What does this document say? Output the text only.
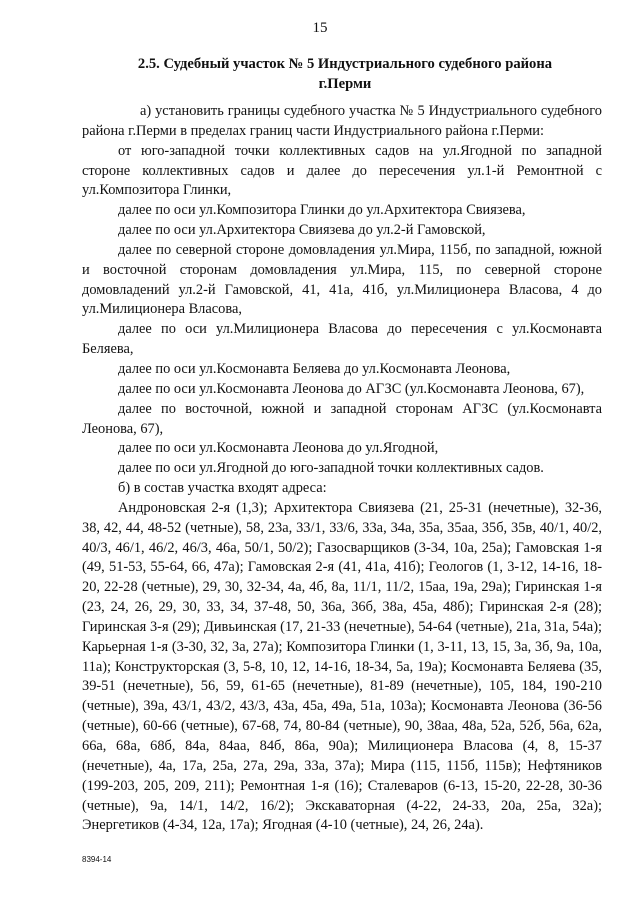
15
2.5. Судебный участок № 5 Индустриального судебного района
г.Перми

а) установить границы судебного участка № 5 Индустриального судебного района г.Перми в пределах границ части Индустриального района г.Перми:

от юго-западной точки коллективных садов на ул.Ягодной по западной стороне коллективных садов и далее до пересечения ул.1-й Ремонтной с ул.Композитора Глинки,

далее по оси ул.Композитора Глинки до ул.Архитектора Свиязева,

далее по оси ул.Архитектора Свиязева до ул.2-й Гамовской,

далее по северной стороне домовладения ул.Мира, 115б, по западной, южной и восточной сторонам домовладения ул.Мира, 115, по северной стороне домовладений ул.2-й Гамовской, 41, 41а, 41б, ул.Милиционера Власова, 4 до ул.Милиционера Власова,

далее по оси ул.Милиционера Власова до пересечения с ул.Космонавта Беляева,

далее по оси ул.Космонавта Беляева до ул.Космонавта Леонова,

далее по оси ул.Космонавта Леонова до АГЗС (ул.Космонавта Леонова, 67),

далее по восточной, южной и западной сторонам АГЗС (ул.Космонавта Леонова, 67),

далее по оси ул.Космонавта Леонова до ул.Ягодной,

далее по оси ул.Ягодной до юго-западной точки коллективных садов.

б) в состав участка входят адреса:

Андроновская 2-я (1,3); Архитектора Свиязева (21, 25-31 (нечетные), 32-36, 38, 42, 44, 48-52 (четные), 58, 23а, 33/1, 33/6, 33а, 34а, 35а, 35аа, 35б, 35в, 40/1, 40/2, 40/3, 46/1, 46/2, 46/3, 46а, 50/1, 50/2); Газосварщиков (3-34, 10а, 25а); Гамовская 1-я (49, 51-53, 55-64, 66, 47а); Гамовская 2-я (41, 41а, 41б); Геологов (1, 3-12, 14-16, 18-20, 22-28 (четные), 29, 30, 32-34, 4а, 4б, 8а, 11/1, 11/2, 15аа, 19а, 29а); Гиринская 1-я (23, 24, 26, 29, 30, 33, 34, 37-48, 50, 36а, 36б, 38а, 45а, 48б); Гиринская 2-я (28); Гиринская 3-я (29); Дивьинская (17, 21-33 (нечетные), 54-64 (четные), 21а, 31а, 54а); Карьерная 1-я (3-30, 32, 3а, 27а); Композитора Глинки (1, 3-11, 13, 15, 3а, 3б, 9а, 10а, 11а); Конструкторская (3, 5-8, 10, 12, 14-16, 18-34, 5а, 19а); Космонавта Беляева (35, 39-51 (нечетные), 56, 59, 61-65 (нечетные), 81-89 (нечетные), 105, 184, 190-210 (четные), 39а, 43/1, 43/2, 43/3, 43а, 45а, 49а, 51а, 103а); Космонавта Леонова (36-56 (четные), 60-66 (четные), 67-68, 74, 80-84 (четные), 90, 38аа, 48а, 52а, 52б, 56а, 62а, 66а, 68а, 68б, 84а, 84аа, 84б, 86а, 90а); Милиционера Власова (4, 8, 15-37 (нечетные), 4а, 17а, 25а, 27а, 29а, 33а, 37а); Мира (115, 115б, 115в); Нефтяников (199-203, 205, 209, 211); Ремонтная 1-я (16); Сталеваров (6-13, 15-20, 22-28, 30-36 (четные), 9а, 14/1, 14/2, 16/2); Экскаваторная (4-22, 24-33, 20а, 25а, 32а); Энергетиков (4-34, 12а, 17а); Ягодная (4-10 (четные), 24, 26, 24а).

8394-14
